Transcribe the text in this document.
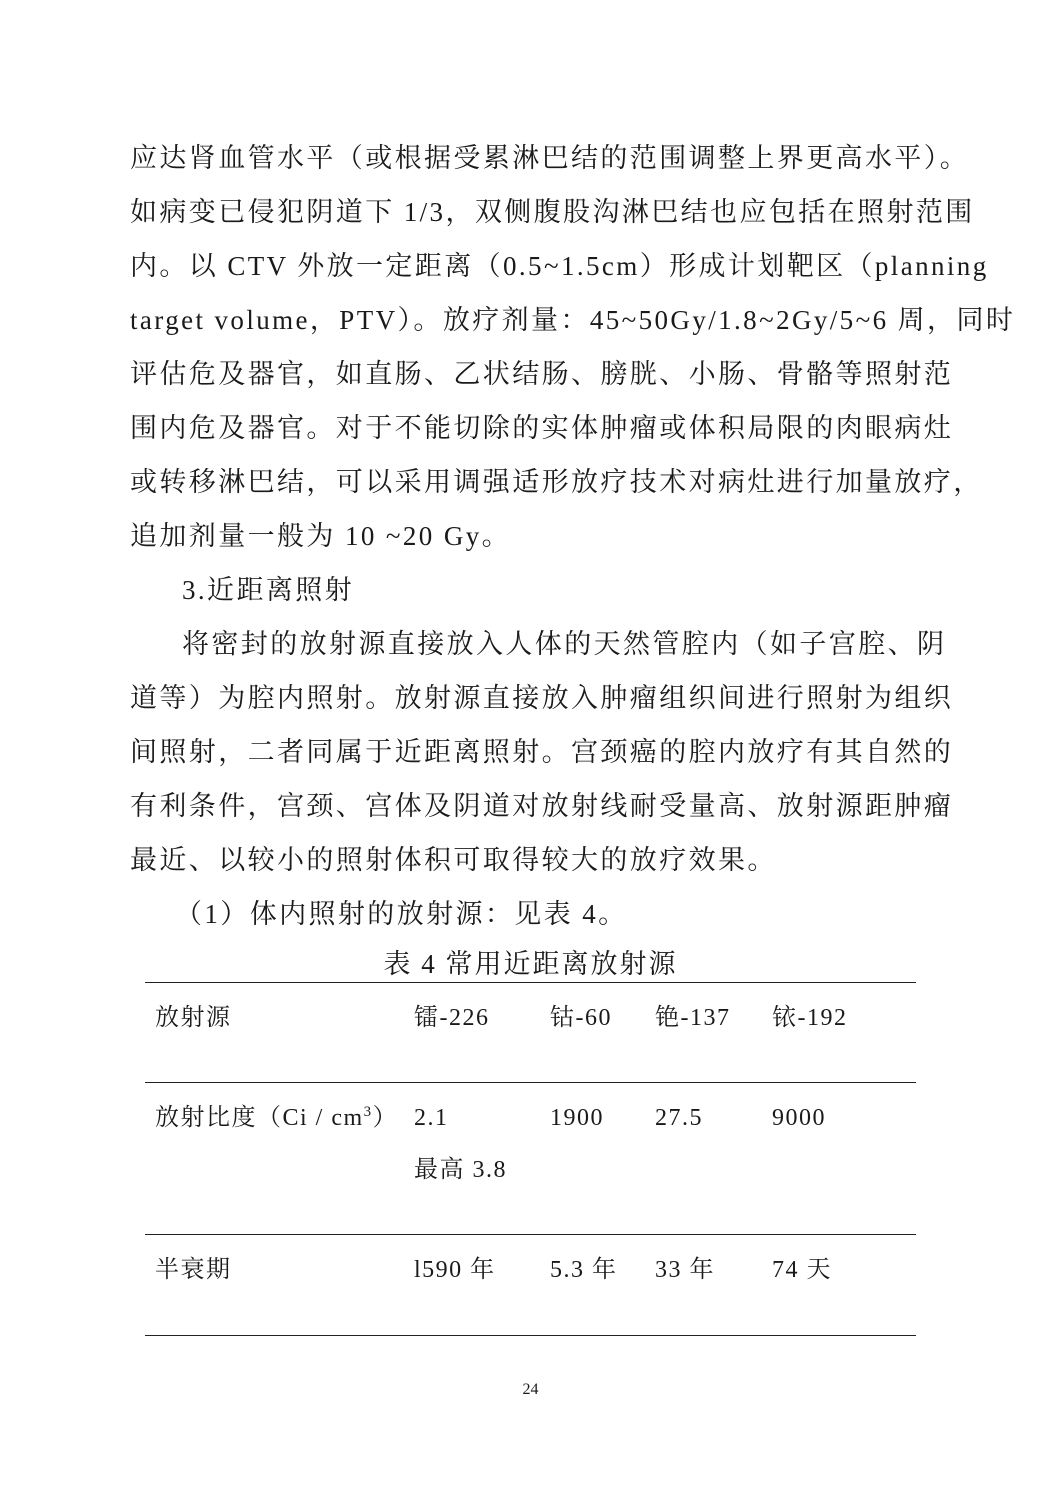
应达肾血管水平（或根据受累淋巴结的范围调整上界更高水平）。
如病变已侵犯阴道下 1/3，双侧腹股沟淋巴结也应包括在照射范围
内。以 CTV 外放一定距离（0.5~1.5cm）形成计划靶区（planning
target volume，PTV）。放疗剂量：45~50Gy/1.8~2Gy/5~6 周，同时
评估危及器官，如直肠、乙状结肠、膀胱、小肠、骨骼等照射范
围内危及器官。对于不能切除的实体肿瘤或体积局限的肉眼病灶
或转移淋巴结，可以采用调强适形放疗技术对病灶进行加量放疗，
追加剂量一般为 10 ~20 Gy。
3.近距离照射
将密封的放射源直接放入人体的天然管腔内（如子宫腔、阴
道等）为腔内照射。放射源直接放入肿瘤组织间进行照射为组织
间照射，二者同属于近距离照射。宫颈癌的腔内放疗有其自然的
有利条件，宫颈、宫体及阴道对放射线耐受量高、放射源距肿瘤
最近、以较小的照射体积可取得较大的放疗效果。
（1）体内照射的放射源：见表 4。
表 4 常用近距离放射源
放射源	镭-226	钴-60 铯-137 铱-192
放射比度$(Ci / cm^3)$ 2.1	1900 27.5	9000
最高 3.8
半衰期	l590 年 5.3 年 33 年 74 天
24
